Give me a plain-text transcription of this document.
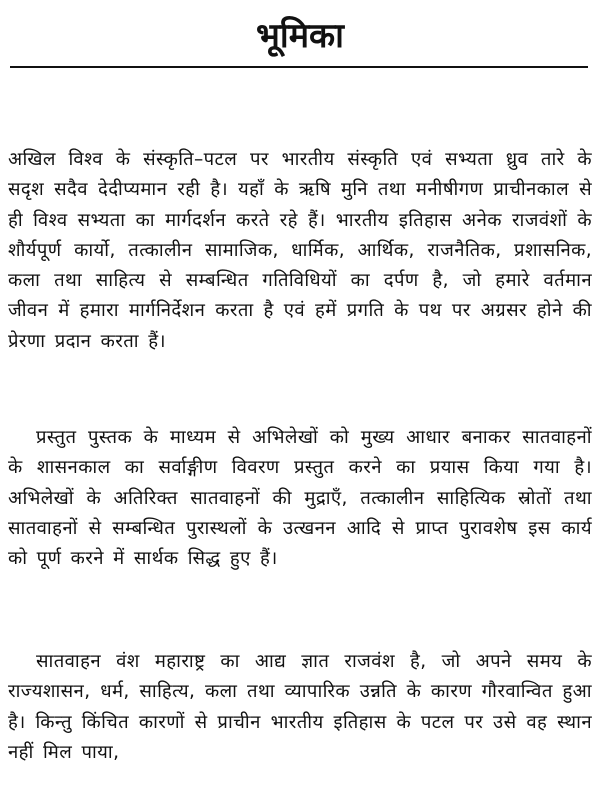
भूमिका

अखिल विश्व के संस्कृति–पटल पर भारतीय संस्कृति एवं सभ्यता ध्रुव तारे के सदृश सदैव देदीप्यमान रही है। यहाँ के ऋषि मुनि तथा मनीषीगण प्राचीनकाल से ही विश्व सभ्यता का मार्गदर्शन करते रहे हैं। भारतीय इतिहास अनेक राजवंशों के शौर्यपूर्ण कार्यो, तत्कालीन सामाजिक, धार्मिक, आर्थिक, राजनैतिक, प्रशासनिक, कला तथा साहित्य से सम्बन्धित गतिविधियों का दर्पण है, जो हमारे वर्तमान जीवन में हमारा मार्गनिर्देशन करता है एवं हमें प्रगति के पथ पर अग्रसर होने की प्रेरणा प्रदान करता हैं।

प्रस्तुत पुस्तक के माध्यम से अभिलेखों को मुख्य आधार बनाकर सातवाहनों के शासनकाल का सर्वाङ्गीण विवरण प्रस्तुत करने का प्रयास किया गया है। अभिलेखों के अतिरिक्त सातवाहनों की मुद्राएँ, तत्कालीन साहित्यिक स्रोतों तथा सातवाहनों से सम्बन्धित पुरास्थलों के उत्खनन आदि से प्राप्त पुरावशेष इस कार्य को पूर्ण करने में सार्थक सिद्ध हुए हैं।

सातवाहन वंश महाराष्ट्र का आद्य ज्ञात राजवंश है, जो अपने समय के राज्यशासन, धर्म, साहित्य, कला तथा व्यापारिक उन्नति के कारण गौरवान्वित हुआ है। किन्तु किंचित कारणों से प्राचीन भारतीय इतिहास के पटल पर उसे वह स्थान नहीं मिल पाया,
